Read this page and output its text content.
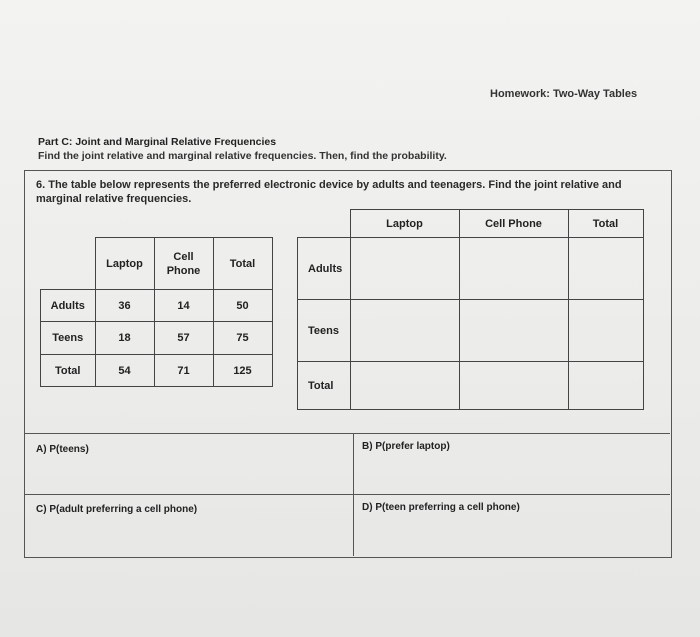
Homework: Two-Way Tables
Part C: Joint and Marginal Relative Frequencies
Find the joint relative and marginal relative frequencies. Then, find the probability.
6. The table below represents the preferred electronic device by adults and teenagers. Find the joint relative and marginal relative frequencies.
	Laptop	Cell Phone	Total
Adults	36	14	50
Teens	18	57	75
Total	54	71	125
	Laptop	Cell Phone	Total
Adults			
Teens			
Total			
A) P(teens)	B) P(prefer laptop)
C) P(adult preferring a cell phone)	D) P(teen preferring a cell phone)
